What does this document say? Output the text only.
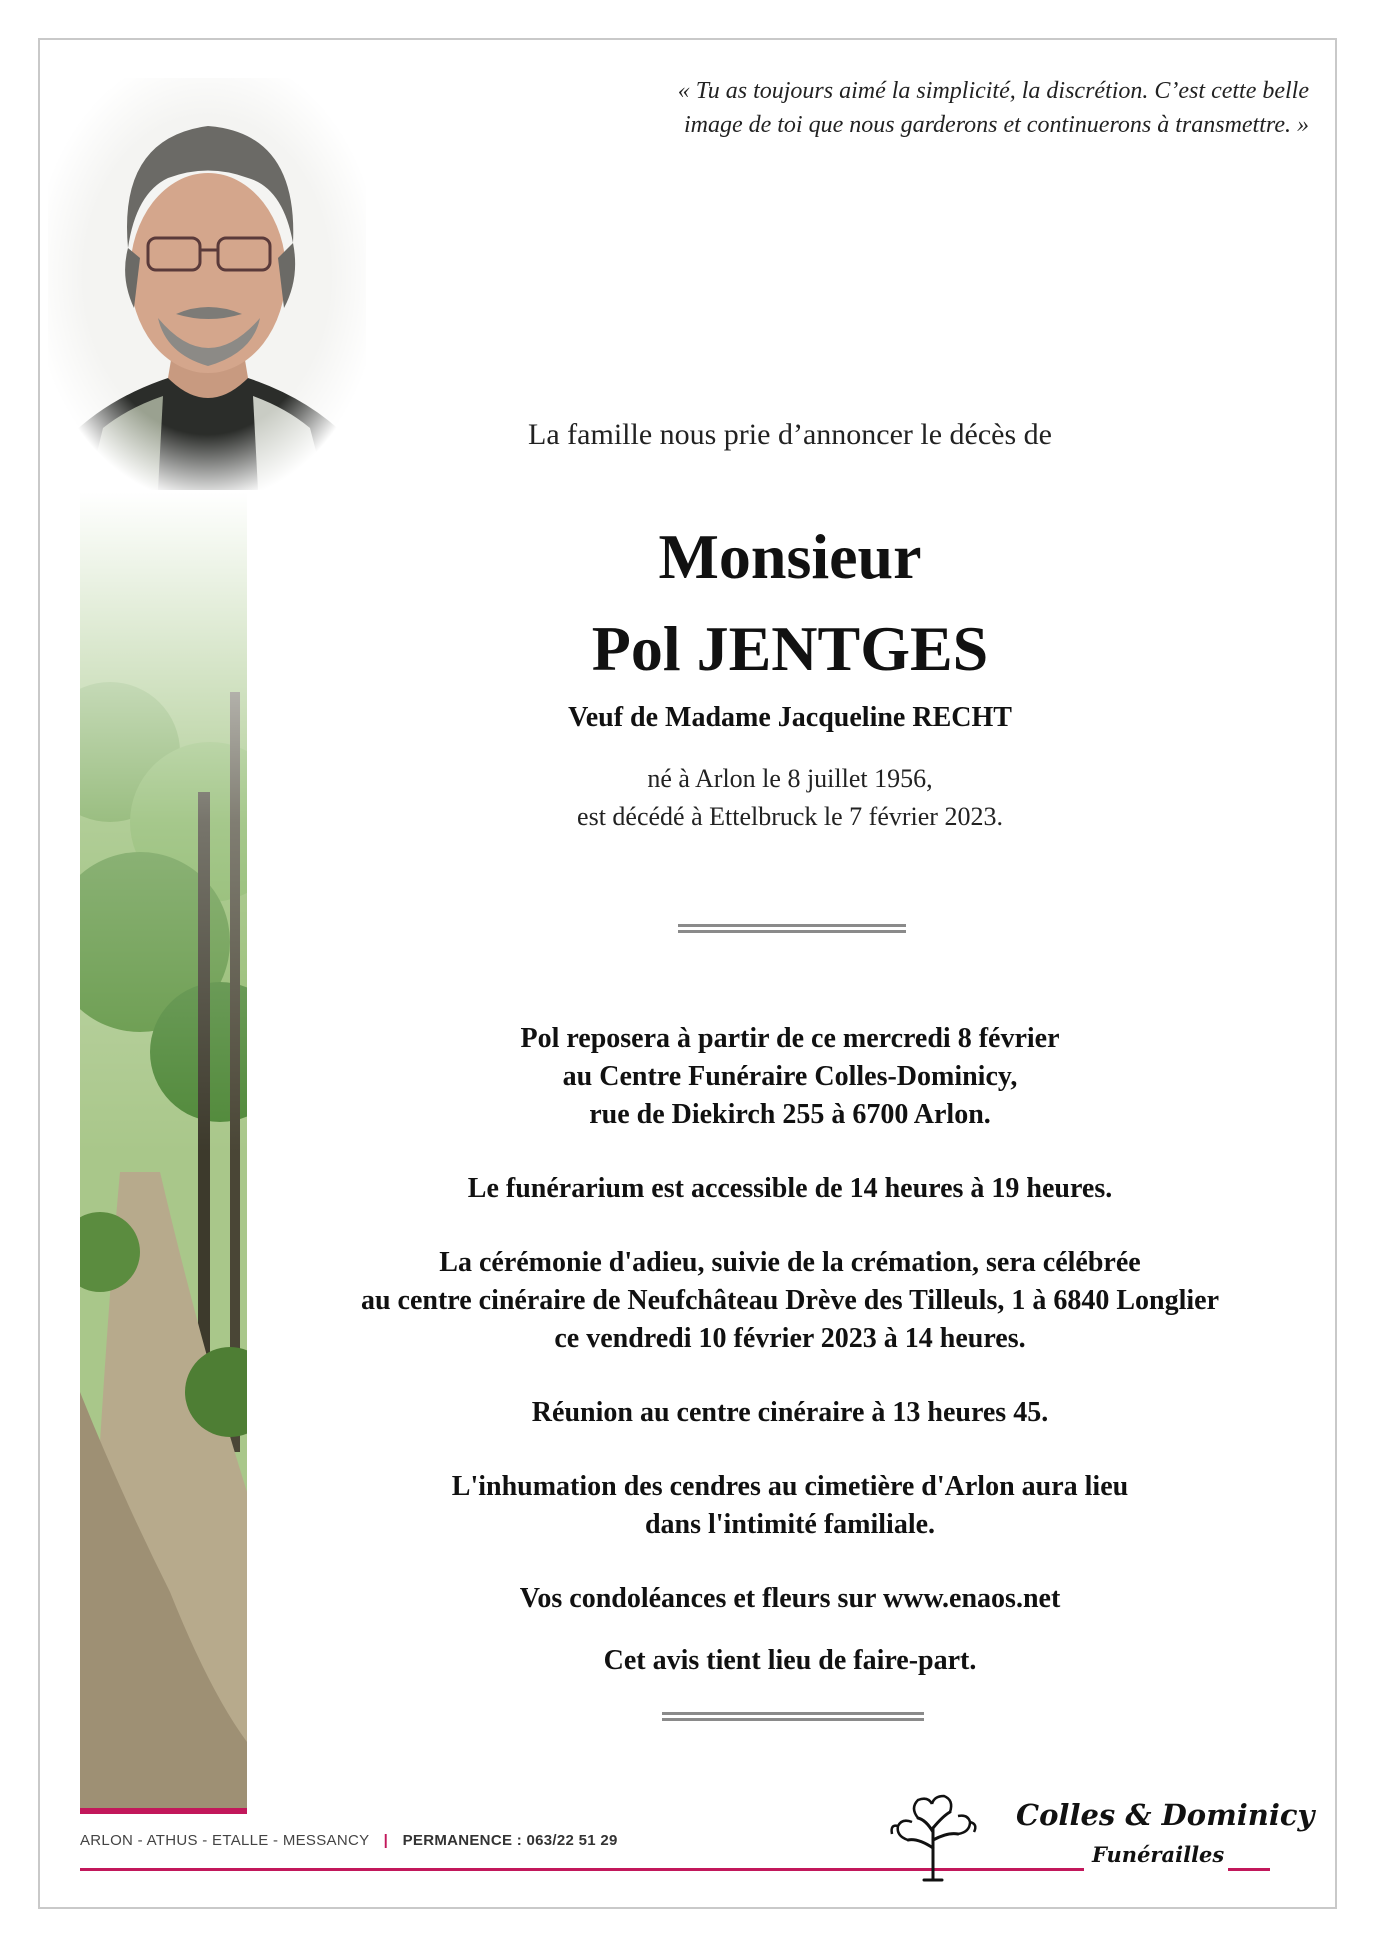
« Tu as toujours aimé la simplicité, la discrétion. C’est cette belle
image de toi que nous garderons et continuerons à transmettre. »
La famille nous prie d’annoncer le décès de
Monsieur
Pol JENTGES
Veuf de Madame Jacqueline RECHT
né à Arlon le 8 juillet 1956,
est décédé à Ettelbruck le 7 février 2023.

Pol reposera à partir de ce mercredi 8 février
au Centre Funéraire Colles-Dominicy,
rue de Diekirch 255 à 6700 Arlon.

Le funérarium est accessible de 14 heures à 19 heures.

La cérémonie d'adieu, suivie de la crémation, sera célébrée
au centre cinéraire de Neufchâteau Drève des Tilleuls, 1 à 6840 Longlier
ce vendredi 10 février 2023 à 14 heures.

Réunion au centre cinéraire à 13 heures 45.

L'inhumation des cendres au cimetière d'Arlon aura lieu
dans l'intimité familiale.

Vos condoléances et fleurs sur www.enaos.net

Cet avis tient lieu de faire-part.

ARLON - ATHUS - ETALLE - MESSANCY | PERMANENCE : 063/22 51 29
Colles & Dominicy
Funérailles
